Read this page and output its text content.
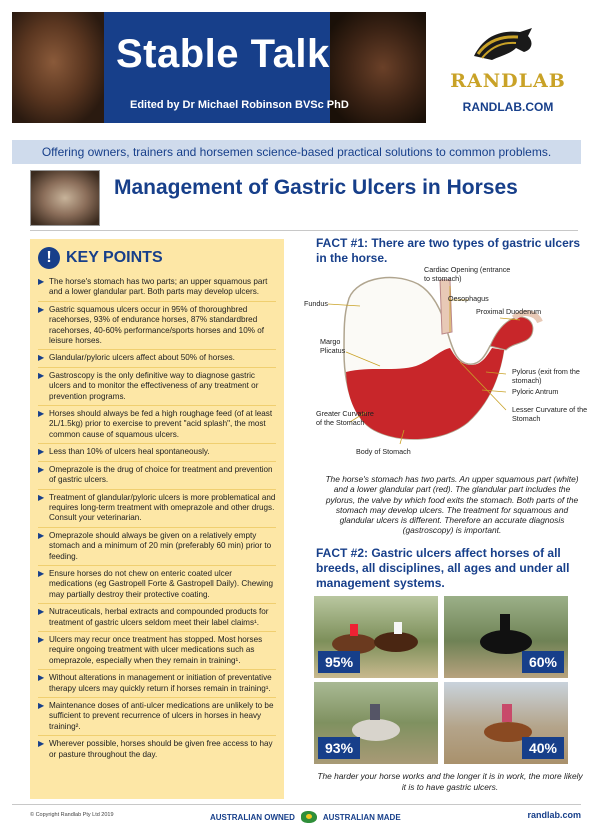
Stable Talk
Edited by Dr Michael Robinson BVSc PhD
RANDLAB
RANDLAB.COM
Offering owners, trainers and horsemen science-based practical solutions to common problems.
Management of Gastric Ulcers in Horses
! KEY POINTS
▶ The horse's stomach has two parts; an upper squamous part and a lower glandular part. Both parts may develop ulcers.
▶ Gastric squamous ulcers occur in 95% of thoroughbred racehorses, 93% of endurance horses, 87% standardbred racehorses, 40-60% performance/sports horses and 10% of leisure horses.
▶ Glandular/pyloric ulcers affect about 50% of horses.
▶ Gastroscopy is the only definitive way to diagnose gastric ulcers and to monitor the effectiveness of any treatment or prevention programs.
▶ Horses should always be fed a high roughage feed (of at least 2L/1.5kg) prior to exercise to prevent "acid splash", the most common cause of squamous ulcers.
▶ Less than 10% of ulcers heal spontaneously.
▶ Omeprazole is the drug of choice for treatment and prevention of gastric ulcers.
▶ Treatment of glandular/pyloric ulcers is more problematical and requires long-term treatment with omeprazole and other drugs. Consult your veterinarian.
▶ Omeprazole should always be given on a relatively empty stomach and a minimum of 20 min (preferably 60 min) prior to feeding.
▶ Ensure horses do not chew on enteric coated ulcer medications (eg Gastropell Forte & Gastropell Daily). Chewing may partially destroy their protective coating.
▶ Nutraceuticals, herbal extracts and compounded products for treatment of gastric ulcers seldom meet their label claims¹.
▶ Ulcers may recur once treatment has stopped. Most horses require ongoing treatment with ulcer medications such as omeprazole, especially when they remain in training¹.
▶ Without alterations in management or initiation of preventative therapy ulcers may quickly return if horses remain in training¹.
▶ Maintenance doses of anti-ulcer medications are unlikely to be sufficient to prevent recurrence of ulcers in horses in heavy training².
▶ Wherever possible, horses should be given free access to hay or pasture throughout the day.
FACT #1: There are two types of gastric ulcers in the horse.
Cardiac Opening (entrance to stomach)
Oesophagus
Fundus
Proximal Duodenum
Margo Plicatus
Pylorus (exit from the stomach)
Pyloric Antrum
Lesser Curvature of the Stomach
Greater Curvature of the Stomach
Body of Stomach
The horse's stomach has two parts. An upper squamous part (white) and a lower glandular part (red). The glandular part includes the pylorus, the valve by which food exits the stomach. Both parts of the stomach may develop ulcers. The treatment for squamous and glandular ulcers is different. Therefore an accurate diagnosis (gastroscopy) is important.
FACT #2: Gastric ulcers affect horses of all breeds, all disciplines, all ages and under all management systems.
95%	60%
93%	40%
The harder your horse works and the longer it is in work, the more likely it is to have gastric ulcers.
© Copyright Randlab Pty Ltd 2019	AUSTRALIAN OWNED	AUSTRALIAN MADE	randlab.com
